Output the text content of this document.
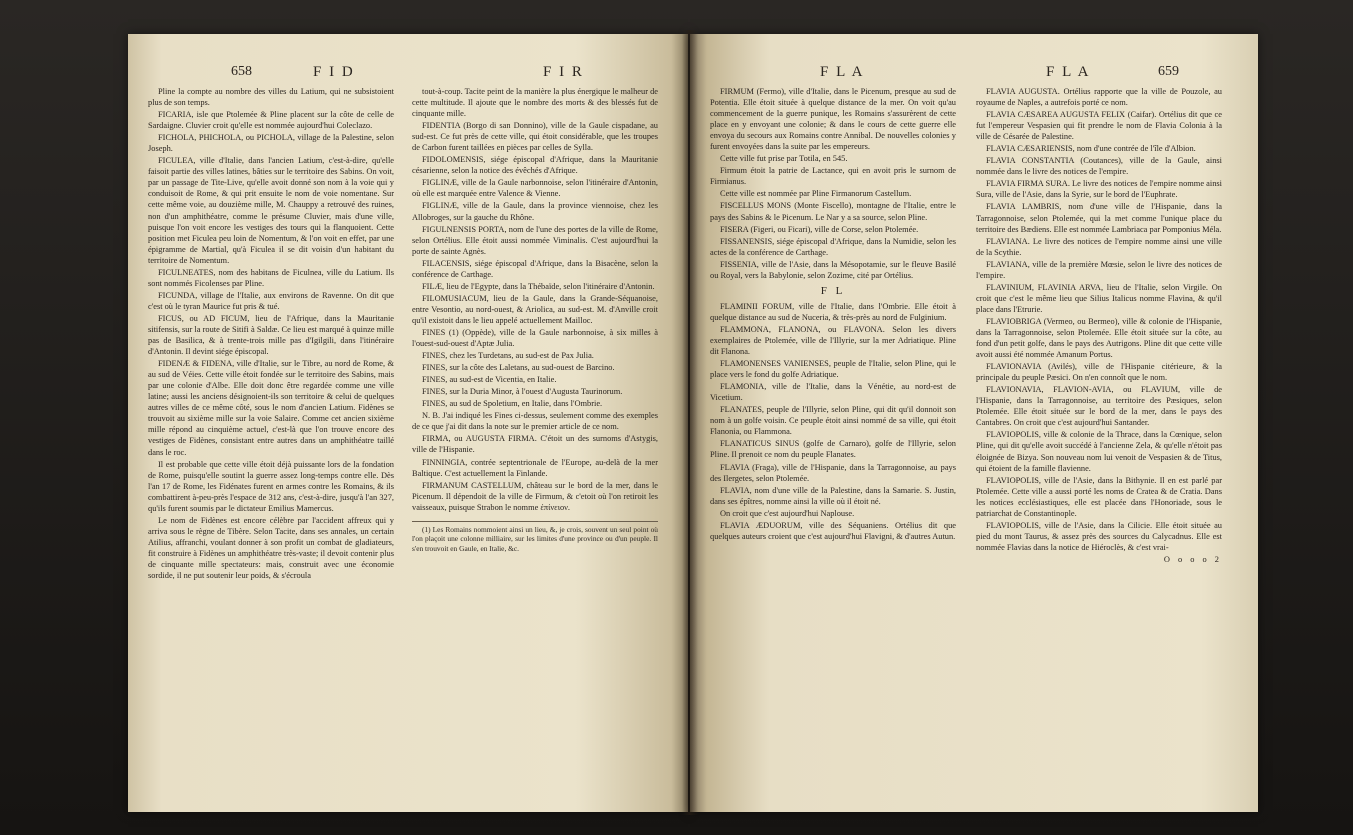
658	F I D	F I R

Pline la compte au nombre des villes du Latium, qui ne subsistoient plus de son temps.

FICARIA, isle que Ptolemée & Pline placent sur la côte de celle de Sardaigne. Cluvier croit qu'elle est nommée aujourd'hui Coleclazo.

FICHOLA, PHICHOLA, ou PICHOLA, village de la Palestine, selon Joseph.

FICULEA, ville d'Italie, dans l'ancien Latium, c'est-à-dire, qu'elle faisoit partie des villes latines, bâties sur le territoire des Sabins. On voit, par un passage de Tite-Live, qu'elle avoit donné son nom à la voie qui y conduisoit de Rome, & qui prit ensuite le nom de voie nomentane. Sur cette même voie, au douzième mille, M. Chauppy a retrouvé des ruines, non d'un amphithéatre, comme le présume Cluvier, mais d'une ville, puisque l'on voit encore les vestiges des tours qui la flanquoient. Cette position met Ficulea peu loin de Nomentum, & l'on voit en effet, par une épigramme de Martial, qu'à Ficulea il se dit voisin d'un habitant du territoire de Nomentum.

FICULNEATES, nom des habitans de Ficulnea, ville du Latium. Ils sont nommés Ficolenses par Pline.

FICUNDA, village de l'Italie, aux environs de Ravenne. On dit que c'est où le tyran Maurice fut pris & tué.

FICUS, ou AD FICUM, lieu de l'Afrique, dans la Mauritanie sitifensis, sur la route de Sitifi à Saldæ. Ce lieu est marqué à quinze mille pas de Basilica, & à trente-trois mille pas d'Igilgili, dans l'itinéraire d'Antonin. Il devint siége épiscopal.

FIDENÆ & FIDENA, ville d'Italie, sur le Tibre, au nord de Rome, & au sud de Véies. Cette ville étoit fondée sur le territoire des Sabins, mais par une colonie d'Albe. Elle doit donc être regardée comme une ville latine; aussi les anciens désignoient-ils son territoire & celui de quelques autres villes de ce même côté, sous le nom d'ancien Latium. Fidènes se trouvoit au sixième mille sur la voie Salaire. Comme cet ancien sixième mille répond au cinquième actuel, c'est-là que l'on trouve encore des vestiges de Fidènes, consistant entre autres dans un amphithéatre taillé dans le roc.

Il est probable que cette ville étoit déjà puissante lors de la fondation de Rome, puisqu'elle soutint la guerre assez long-temps contre elle. Dès l'an 17 de Rome, les Fidénates furent en armes contre les Romains, & ils combattirent à-peu-près l'espace de 312 ans, c'est-à-dire, jusqu'à l'an 327, qu'ils furent soumis par le dictateur Emilius Mamercus.

Le nom de Fidènes est encore célèbre par l'accident affreux qui y arriva sous le règne de Tibère. Selon Tacite, dans ses annales, un certain Atilius, affranchi, voulant donner à son profit un combat de gladiateurs, fit construire à Fidènes un amphithéatre très-vaste; il devoit contenir plus de cinquante mille spectateurs: mais, construit avec une économie sordide, il ne put soutenir leur poids, & s'écroula

tout-à-coup. Tacite peint de la manière la plus énergique le malheur de cette multitude. Il ajoute que le nombre des morts & des blessés fut de cinquante mille.

FIDENTIA (Borgo di san Donnino), ville de la Gaule cispadane, au sud-est. Ce fut près de cette ville, qui étoit considérable, que les troupes de Carbon furent taillées en pièces par celles de Sylla.

FIDOLOMENSIS, siége épiscopal d'Afrique, dans la Mauritanie césarienne, selon la notice des évêchés d'Afrique.

FIGLINÆ, ville de la Gaule narbonnoise, selon l'itinéraire d'Antonin, où elle est marquée entre Valence & Vienne.

FIGLINÆ, ville de la Gaule, dans la province viennoise, chez les Allobroges, sur la gauche du Rhône.

FIGULNENSIS PORTA, nom de l'une des portes de la ville de Rome, selon Ortélius. Elle étoit aussi nommée Viminalis. C'est aujourd'hui la porte de sainte Agnès.

FILACENSIS, siége épiscopal d'Afrique, dans la Bisacène, selon la conférence de Carthage.

FILÆ, lieu de l'Egypte, dans la Thébaïde, selon l'itinéraire d'Antonin.

FILOMUSIACUM, lieu de la Gaule, dans la Grande-Séquanoise, entre Vesontio, au nord-ouest, & Ariolica, au sud-est. M. d'Anville croit qu'il existoit dans le lieu appelé actuellement Mailloc.

FINES (1) (Oppède), ville de la Gaule narbonnoise, à six milles à l'ouest-sud-ouest d'Aptæ Julia.

FINES, chez les Turdetans, au sud-est de Pax Julia.

FINES, sur la côte des Laletans, au sud-ouest de Barcino.

FINES, au sud-est de Vicentia, en Italie.

FINES, sur la Duria Minor, à l'ouest d'Augusta Taurinorum.

FINES, au sud de Spoletium, en Italie, dans l'Ombrie.

N. B. J'ai indiqué les Fines ci-dessus, seulement comme des exemples de ce que j'ai dit dans la note sur le premier article de ce nom.

FIRMA, ou AUGUSTA FIRMA. C'étoit un des surnoms d'Astygis, ville de l'Hispanie.

FINNINGIA, contrée septentrionale de l'Europe, au-delà de la mer Baltique. C'est actuellement la Finlande.

FIRMANUM CASTELLUM, château sur le bord de la mer, dans le Picenum. Il dépendoit de la ville de Firmum, & c'etoit où l'on retiroit les vaisseaux, puisque Strabon le nomme έπίνειον.

(1) Les Romains nommoient ainsi un lieu, &, je crois, souvent un seul point où l'on plaçoit une colonne milliaire, sur les limites d'une province ou d'un peuple. Il s'en trouvoit en Gaule, en Italie, &c.

F L A	F L A	659

FIRMUM (Fermo), ville d'Italie, dans le Picenum, presque au sud de Potentia. Elle étoit située à quelque distance de la mer. On voit qu'au commencement de la guerre punique, les Romains s'assurèrent de cette place en y envoyant une colonie; & dans le cours de cette guerre elle envoya du secours aux Romains contre Annibal. De nouvelles colonies y furent envoyées dans la suite par les empereurs.

Cette ville fut prise par Totila, en 545.

Firmum étoit la patrie de Lactance, qui en avoit pris le surnom de Firmianus.

Cette ville est nommée par Pline Firmanorum Castellum.

FISCELLUS MONS (Monte Fiscello), montagne de l'Italie, entre le pays des Sabins & le Picenum. Le Nar y a sa source, selon Pline.

FISERA (Figeri, ou Ficari), ville de Corse, selon Ptolemée.

FISSANENSIS, siége épiscopal d'Afrique, dans la Numidie, selon les actes de la conférence de Carthage.

FISSENIA, ville de l'Asie, dans la Mésopotamie, sur le fleuve Basilé ou Royal, vers la Babylonie, selon Zozime, cité par Ortélius.

F L

FLAMINII FORUM, ville de l'Italie, dans l'Ombrie. Elle étoit à quelque distance au sud de Nuceria, & très-près au nord de Fulginium.

FLAMMONA, FLANONA, ou FLAVONA. Selon les divers exemplaires de Ptolemée, ville de l'Illyrie, sur la mer Adriatique. Pline dit Flanona.

FLAMONENSES VANIENSES, peuple de l'Italie, selon Pline, qui le place vers le fond du golfe Adriatique.

FLAMONIA, ville de l'Italie, dans la Vénétie, au nord-est de Vicetium.

FLANATES, peuple de l'Illyrie, selon Pline, qui dit qu'il donnoit son nom à un golfe voisin. Ce peuple étoit ainsi nommé de sa ville, qui étoit Flanonia, ou Flammona.

FLANATICUS SINUS (golfe de Carnaro), golfe de l'Illyrie, selon Pline. Il prenoit ce nom du peuple Flanates.

FLAVIA (Fraga), ville de l'Hispanie, dans la Tarragonnoise, au pays des Ilergetes, selon Ptolemée.

FLAVIA, nom d'une ville de la Palestine, dans la Samarie. S. Justin, dans ses épîtres, nomme ainsi la ville où il étoit né.

On croit que c'est aujourd'hui Naplouse.

FLAVIA ÆDUORUM, ville des Séquaniens. Ortélius dit que quelques auteurs croient que c'est aujourd'hui Flavigni, & d'autres Autun.

FLAVIA AUGUSTA. Ortélius rapporte que la ville de Pouzole, au royaume de Naples, a autrefois porté ce nom.

FLAVIA CÆSAREA AUGUSTA FELIX (Caifar). Ortélius dit que ce fut l'empereur Vespasien qui fit prendre le nom de Flavia Colonia à la ville de Césarée de Palestine.

FLAVIA CÆSARIENSIS, nom d'une contrée de l'île d'Albion.

FLAVIA CONSTANTIA (Coutances), ville de la Gaule, ainsi nommée dans le livre des notices de l'empire.

FLAVIA FIRMA SURA. Le livre des notices de l'empire nomme ainsi Sura, ville de l'Asie, dans la Syrie, sur le bord de l'Euphrate.

FLAVIA LAMBRIS, nom d'une ville de l'Hispanie, dans la Tarragonnoise, selon Ptolemée, qui la met comme l'unique place du territoire des Bædiens. Elle est nommée Lambriaca par Pomponius Méla.

FLAVIANA. Le livre des notices de l'empire nomme ainsi une ville de la Scythie.

FLAVIANA, ville de la première Mœsie, selon le livre des notices de l'empire.

FLAVINIUM, FLAVINIA ARVA, lieu de l'Italie, selon Virgile. On croit que c'est le même lieu que Silius Italicus nomme Flavina, & qu'il place dans l'Etrurie.

FLAVIOBRIGA (Vermeo, ou Bermeo), ville & colonie de l'Hispanie, dans la Tarragonnoise, selon Ptolemée. Elle étoit située sur la côte, au fond d'un petit golfe, dans le pays des Autrigons. Pline dit que cette ville avoit aussi été nommée Amanum Portus.

FLAVIONAVIA (Avilés), ville de l'Hispanie citérieure, & la principale du peuple Pæsici. On n'en connoît que le nom.

FLAVIONAVIA, FLAVION-AVIA, ou FLAVIUM, ville de l'Hispanie, dans la Tarragonnoise, au territoire des Pæsiques, selon Ptolemée. Elle étoit située sur le bord de la mer, dans le pays des Cantabres. On croit que c'est aujourd'hui Santander.

FLAVIOPOLIS, ville & colonie de la Thrace, dans la Cœnique, selon Pline, qui dit qu'elle avoit succédé à l'ancienne Zela, & qu'elle n'étoit pas éloignée de Bizya. Son nouveau nom lui venoit de Vespasien & de Titus, qui étoient de la famille flavienne.

FLAVIOPOLIS, ville de l'Asie, dans la Bithynie. Il en est parlé par Ptolemée. Cette ville a aussi porté les noms de Cratea & de Cratia. Dans les notices ecclésiastiques, elle est placée dans l'Honoriade, sous le patriarchat de Constantinople.

FLAVIOPOLIS, ville de l'Asie, dans la Cilicie. Elle étoit située au pied du mont Taurus, & assez près des sources du Calycadnus. Elle est nommée Flavias dans la notice de Hiéroclès, & c'est vrai-

O o o o 2
